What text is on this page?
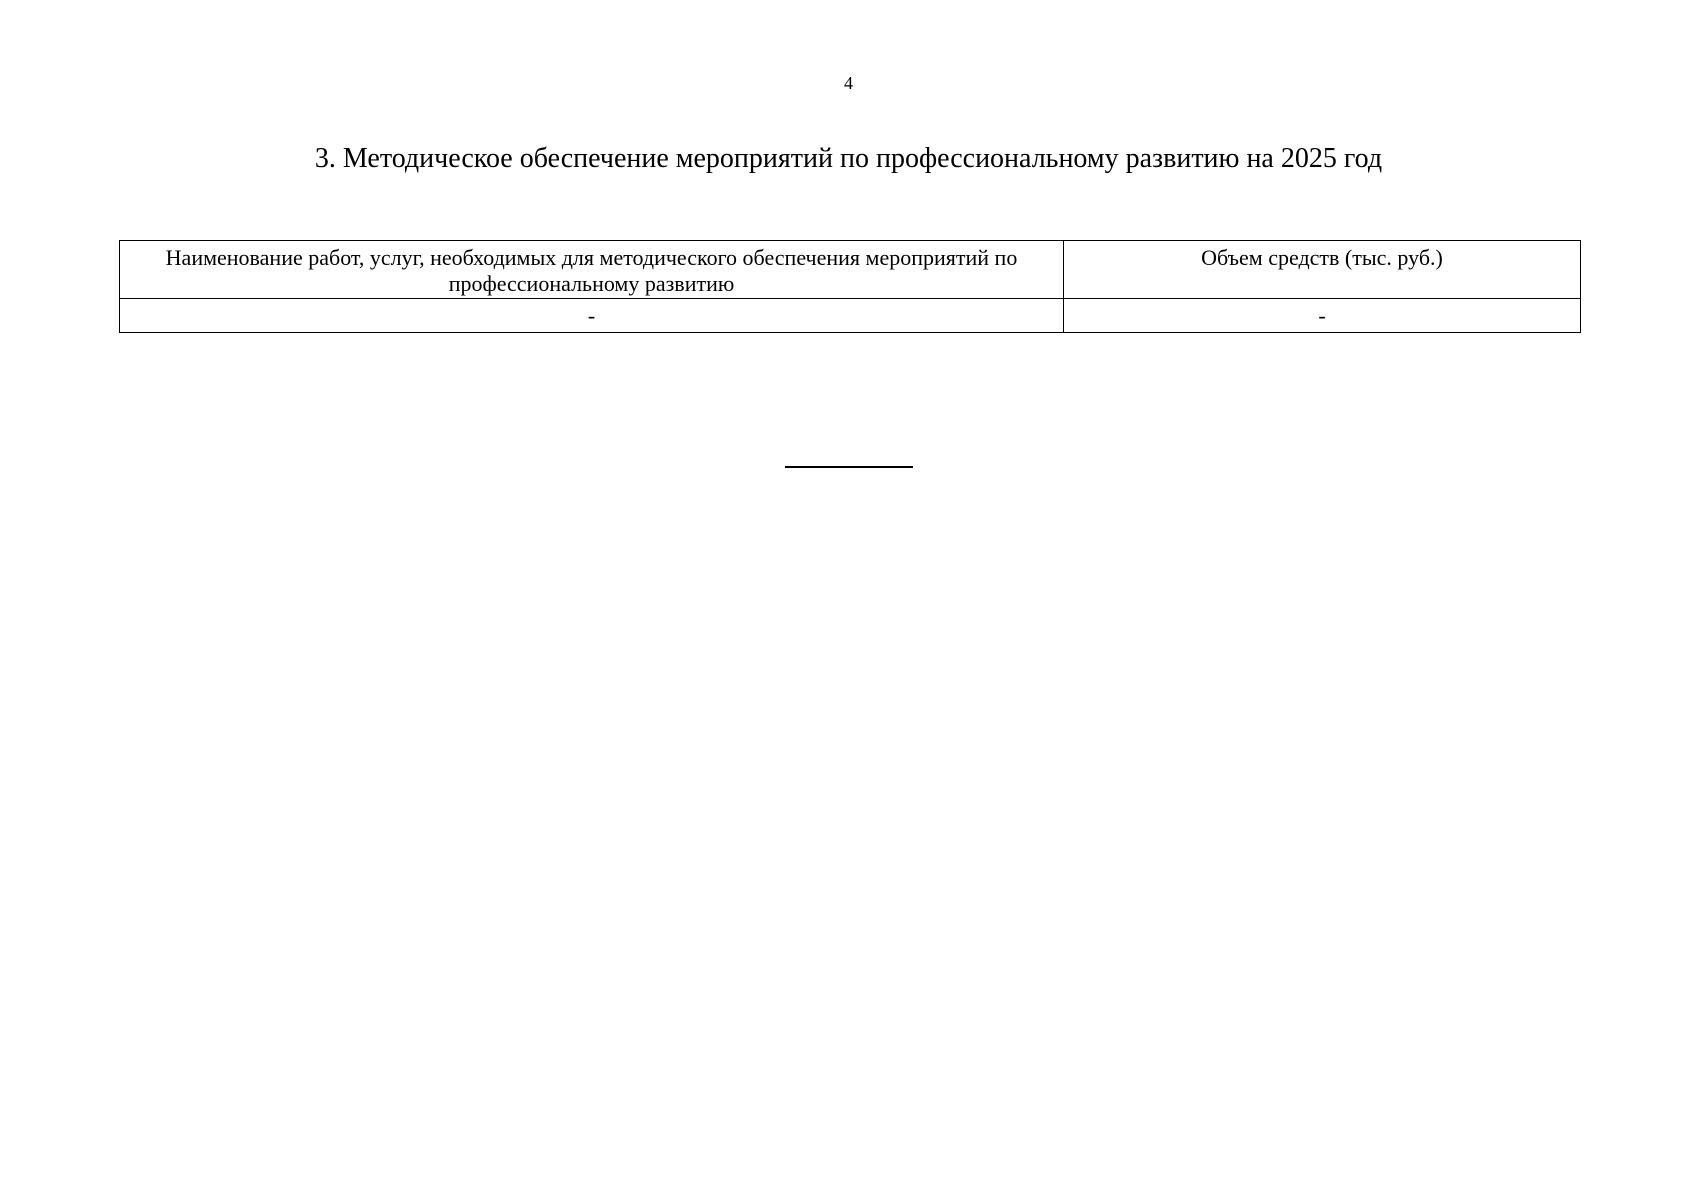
4
3. Методическое обеспечение мероприятий по профессиональному развитию на 2025 год
Наименование работ, услуг, необходимых для методического обеспечения мероприятий по профессиональному развитию	Объем средств (тыс. руб.)
-	-
